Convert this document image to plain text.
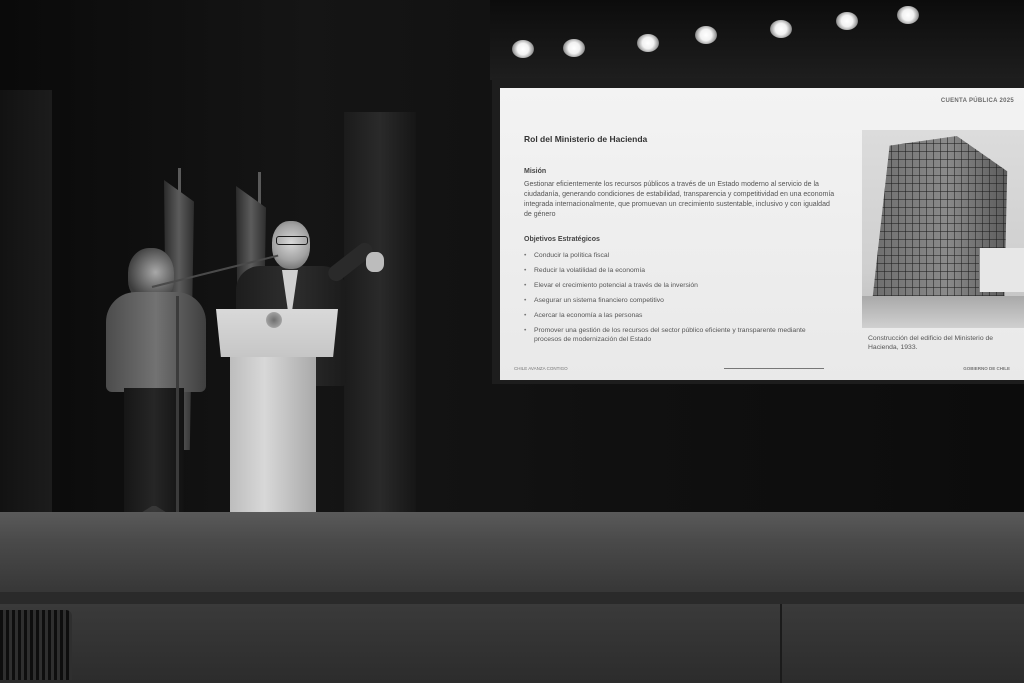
CUENTA PÚBLICA 2025
Rol del Ministerio de Hacienda
Misión
Gestionar eficientemente los recursos públicos a través de un Estado moderno al servicio de la ciudadanía, generando condiciones de estabilidad, transparencia y competitividad en una economía integrada internacionalmente, que promuevan un crecimiento sustentable, inclusivo y con igualdad de género
Objetivos Estratégicos
• Conducir la política fiscal
• Reducir la volatilidad de la economía
• Elevar el crecimiento potencial a través de la inversión
• Asegurar un sistema financiero competitivo
• Acercar la economía a las personas
• Promover una gestión de los recursos del sector público eficiente y transparente mediante procesos de modernización del Estado	Construcción del edificio del Ministerio de Hacienda, 1933.
CHILE AVANZA CONTIGO	GOBIERNO DE CHILE
